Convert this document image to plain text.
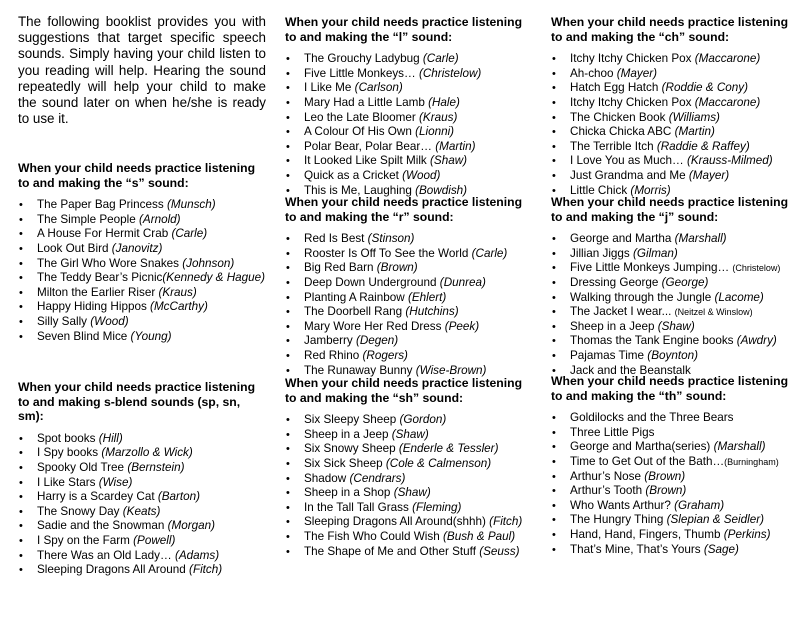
The following booklist provides you with suggestions that target specific speech sounds. Simply having your child listen to you reading will help. Hearing the sound repeatedly will help your child to make the sound later on when he/she is ready to use it.

When your child needs practice listening to and making the “s” sound:
• The Paper Bag Princess (Munsch)
• The Simple People (Arnold)
• A House For Hermit Crab (Carle)
• Look Out Bird (Janovitz)
• The Girl Who Wore Snakes (Johnson)
• The Teddy Bear’s Picnic(Kennedy & Hague)
• Milton the Earlier Riser (Kraus)
• Happy Hiding Hippos (McCarthy)
• Silly Sally (Wood)
• Seven Blind Mice (Young)
When your child needs practice listening to and making s-blend sounds (sp, sn, sm):
• Spot books (Hill)
• I Spy books (Marzollo & Wick)
• Spooky Old Tree (Bernstein)
• I Like Stars (Wise)
• Harry is a Scardey Cat (Barton)
• The Snowy Day (Keats)
• Sadie and the Snowman (Morgan)
• I Spy on the Farm (Powell)
• There Was an Old Lady… (Adams)
• Sleeping Dragons All Around (Fitch)
When your child needs practice listening to and making the “l” sound:
• The Grouchy Ladybug (Carle)
• Five Little Monkeys… (Christelow)
• I Like Me (Carlson)
• Mary Had a Little Lamb (Hale)
• Leo the Late Bloomer (Kraus)
• A Colour Of His Own (Lionni)
• Polar Bear, Polar Bear… (Martin)
• It Looked Like Spilt Milk (Shaw)
• Quick as a Cricket (Wood)
• This is Me, Laughing (Bowdish)
When your child needs practice listening to and making the “r” sound:
• Red Is Best (Stinson)
• Rooster Is Off To See the World (Carle)
• Big Red Barn (Brown)
• Deep Down Underground (Dunrea)
• Planting A Rainbow (Ehlert)
• The Doorbell Rang (Hutchins)
• Mary Wore Her Red Dress (Peek)
• Jamberry (Degen)
• Red Rhino (Rogers)
• The Runaway Bunny (Wise-Brown)
When your child needs practice listening to and making the “sh” sound:
• Six Sleepy Sheep (Gordon)
• Sheep in a Jeep (Shaw)
• Six Snowy Sheep (Enderle & Tessler)
• Six Sick Sheep (Cole & Calmenson)
• Shadow (Cendrars)
• Sheep in a Shop (Shaw)
• In the Tall Tall Grass (Fleming)
• Sleeping Dragons All Around(shhh) (Fitch)
• The Fish Who Could Wish (Bush & Paul)
• The Shape of Me and Other Stuff (Seuss)
When your child needs practice listening to and making the “ch” sound:
• Itchy Itchy Chicken Pox (Maccarone)
• Ah-choo (Mayer)
• Hatch Egg Hatch (Roddie & Cony)
• Itchy Itchy Chicken Pox (Maccarone)
• The Chicken Book (Williams)
• Chicka Chicka ABC (Martin)
• The Terrible Itch (Raddie & Raffey)
• I Love You as Much… (Krauss-Milmed)
• Just Grandma and Me (Mayer)
• Little Chick (Morris)
When your child needs practice listening to and making the “j” sound:
• George and Martha (Marshall)
• Jillian Jiggs (Gilman)
• Five Little Monkeys Jumping… (Christelow)
• Dressing George (George)
• Walking through the Jungle (Lacome)
• The Jacket I wear... (Neitzel & Winslow)
• Sheep in a Jeep (Shaw)
• Thomas the Tank Engine books (Awdry)
• Pajamas Time (Boynton)
• Jack and the Beanstalk
When your child needs practice listening to and making the “th” sound:
• Goldilocks and the Three Bears
• Three Little Pigs
• George and Martha(series) (Marshall)
• Time to Get Out of the Bath…(Burningham)
• Arthur’s Nose (Brown)
• Arthur’s Tooth (Brown)
• Who Wants Arthur? (Graham)
• The Hungry Thing (Slepian & Seidler)
• Hand, Hand, Fingers, Thumb (Perkins)
• That’s Mine, That’s Yours (Sage)
